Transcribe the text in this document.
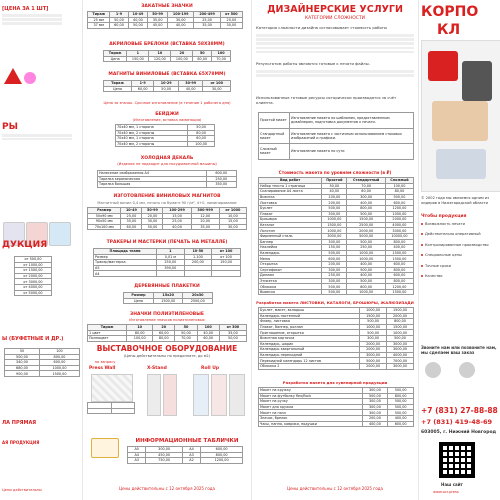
[ЦЕНА ЗА 1 ШТ]
РЫ
ДУКЦИЯ
от 500,00
от 1000,00
от 1500,00
от 2000,00
от 3000,00
от 4000,00
от 5000,00
Ы (БУФЕТНЫЕ И ДР.)
50	100
500,00	800,00
340,00	600,00
680,00	1000,00
900,00	1500,00
ЛА ПРЯМАЯ
АЯ ПРОДУКЦИЯ
Цены действительны
ЗАКАТНЫЕ ЗНАЧКИ
Тираж	1-9	10-49	50-99	100-199	200-499	от 500
25 мм	50,00	40,00	35,00	30,00	25,00	20,00
37 мм	60,00	50,00	45,00	40,00	35,00	30,00
АКРИЛОВЫЕ БРЕЛОКИ (ВСТАВКА 58Х38ММ)
Тираж	1	10	20	50	100
Цена	150,00	120,00	100,00	80,00	70,00
МАГНИТЫ ВИНИЛОВЫЕ (ВСТАВКА 65Х78ММ)
Тираж	1-9	10-29	30-99	от 100
Цена	60,00	50,00	40,00	30,00
Цена за значок. Срочное изготовление (в течение 1 рабочего дня)
БЕЙДЖИ
(Изготовление, вставка ламинация)
70х40 мм, 1 сторона	50,00
70х40 мм, 2 стороны	80,00
70х40 мм, 1 сторона	60,00
70х40 мм, 2 стороны	100,00
ХОЛОДНАЯ ДЕКАЛЬ
(Изделие не подходит для посудомоечной машины)
Нанесение изображения А4	600,00
Тарелка керамическая	250,00
Тарелка большая	350,00
ИЗГОТОВЛЕНИЕ ВИНИЛОВЫХ МАГНИТОВ
Магнитный винил 0,4 мм, печать на бумаге 90 г/м², 4+0, ламинирование
Размер	10-49	50-99	100-299	300-999	от 1000
50х90 мм	25,00	20,00	15,00	12,00	10,00
90х50 мм	35,00	30,00	25,00	20,00	15,00
70х100 мм	60,00	50,00	40,00	35,00	30,00
ТРАКЕРЫ И МАСТЕРКИ (ПЕЧАТЬ НА МЕТАЛЛЕ)
Площадь ткани	1	10-50	от 100
Размер	0,01 м	1-100	от 100
Тракер/мастерка	250,00	200,00	150,00
А5	390,00		
А4			
ДЕРЕВЯННЫЕ ПЛАКЕТКИ
Размер	15х20	20х30
Цена	1500,00	2500,00
ЗНАЧКИ ПОЛИЭТИЛЕНОВЫЕ
Изготовление значков полиэтиленовых
Тираж	10	20	50	100	от 300
1 цвет	80,00	60,00	50,00	40,00	35,00
Полноцвет	100,00	80,00	70,00	60,00	50,00
ВЫСТАВОЧНОЕ ОБОРУДОВАНИЕ
(Цены действительны по предоплате, до м2)
по запросу
Press Wall

		X-Stand	Roll Up
ИНФОРМАЦИОННЫЕ ТАБЛИЧКИ
А5	300,00	А4	600,00
А4	450,00	А3	800,00
А3	750,00	А2	1200,00
Цены действительны с 12 октября 2025 года
ДИЗАЙНЕРСКИЕ УСЛУГИ
КАТЕГОРИИ СЛОЖНОСТИ
Категория сложности дизайна согласовывает стоимость работы
Результатом работы являются готовые к печати файлы.
Использованные готовые ресурсы исторически производятся за счёт клиента.
Простой макет	Изготовление макета по шаблонам, предоставленным дизайнером, подготовка документов к печати.
Стандартный макет	Изготовление макета с частичным использованием стоковых изображений и графики.
Сложный макет	Изготовление макета по сути
Стоимость макета по уровням сложности (в ₽)
Вид работ	Простой	Стандартный	Сложный
Набор текста 1 страница	50,00	70,00	100,00
Сканирование А4 листа	40,00	60,00	80,00
Визитка	100,00	300,00	500,00
Листовка	200,00	400,00	600,00
Буклет	500,00	800,00	1200,00
Плакат	300,00	500,00	1000,00
Брошюра	1000,00	1500,00	2000,00
Каталог	1500,00	2500,00	4000,00
Логотип	1000,00	2000,00	3000,00
Фирменный стиль	3000,00	5000,00	10000,00
Баннер	300,00	500,00	800,00
Наклейка	150,00	250,00	400,00
Календарь	500,00	1000,00	1500,00
Меню	600,00	1000,00	1500,00
Открытка	200,00	400,00	600,00
Сертификат	300,00	500,00	800,00
Диплом	250,00	400,00	600,00
Этикетка	300,00	500,00	800,00
Обложка	500,00	800,00	1200,00
Вывеска	500,00	1000,00	1500,00
Разработка макета ЛИСТОВКИ, КАТАЛОГИ, БРОШЮРЫ, ЖАЛЮЗИЗАДИ
Буклет, макет, вкладыш	1000,00	1500,00
Календарь настенный	1500,00	2000,00
Флаер, листовка	500,00	800,00
Плакат, баннер, роллап	1000,00	1500,00
Приглашение, открытка	500,00	1000,00
Визитная карточка	300,00	500,00
Календарь, шарик	2000,00	3000,00
Календарь квартальный	2000,00	3000,00
Календарь перекидной	3000,00	4000,00
Перекидной календарь 12 листов	5000,00	7000,00
Обложка 2	2000,00	3000,00
Разработка макета для сувенирной продукции
Макет на кружку	300,00	500,00
Макет на футболку flex/flock	500,00	800,00
Макет на ручку	300,00	500,00
Макет для кружки	300,00	500,00
Макет на пазл	300,00	500,00
Значок, брелок	200,00	400,00
Часы, панно, коврики, подушки	400,00	600,00
Цены действительны с 12 октября 2025 года
КОРПО
КЛ
© 2002 года мы являемся одним из лидеров в Нижегородской области
Чтобы продукция
Возможность печати
Действительно оперативный
Контролированное производство
Специальные цены
Точные сроки
Качество
Звоните нам или позвоните нам, мы сделаем ваш заказ
+7 (831) 27-88-88
+7 (831) 419-48-69
603005, г. Нижний Новгород
Наш сайт
www.ocr.press
